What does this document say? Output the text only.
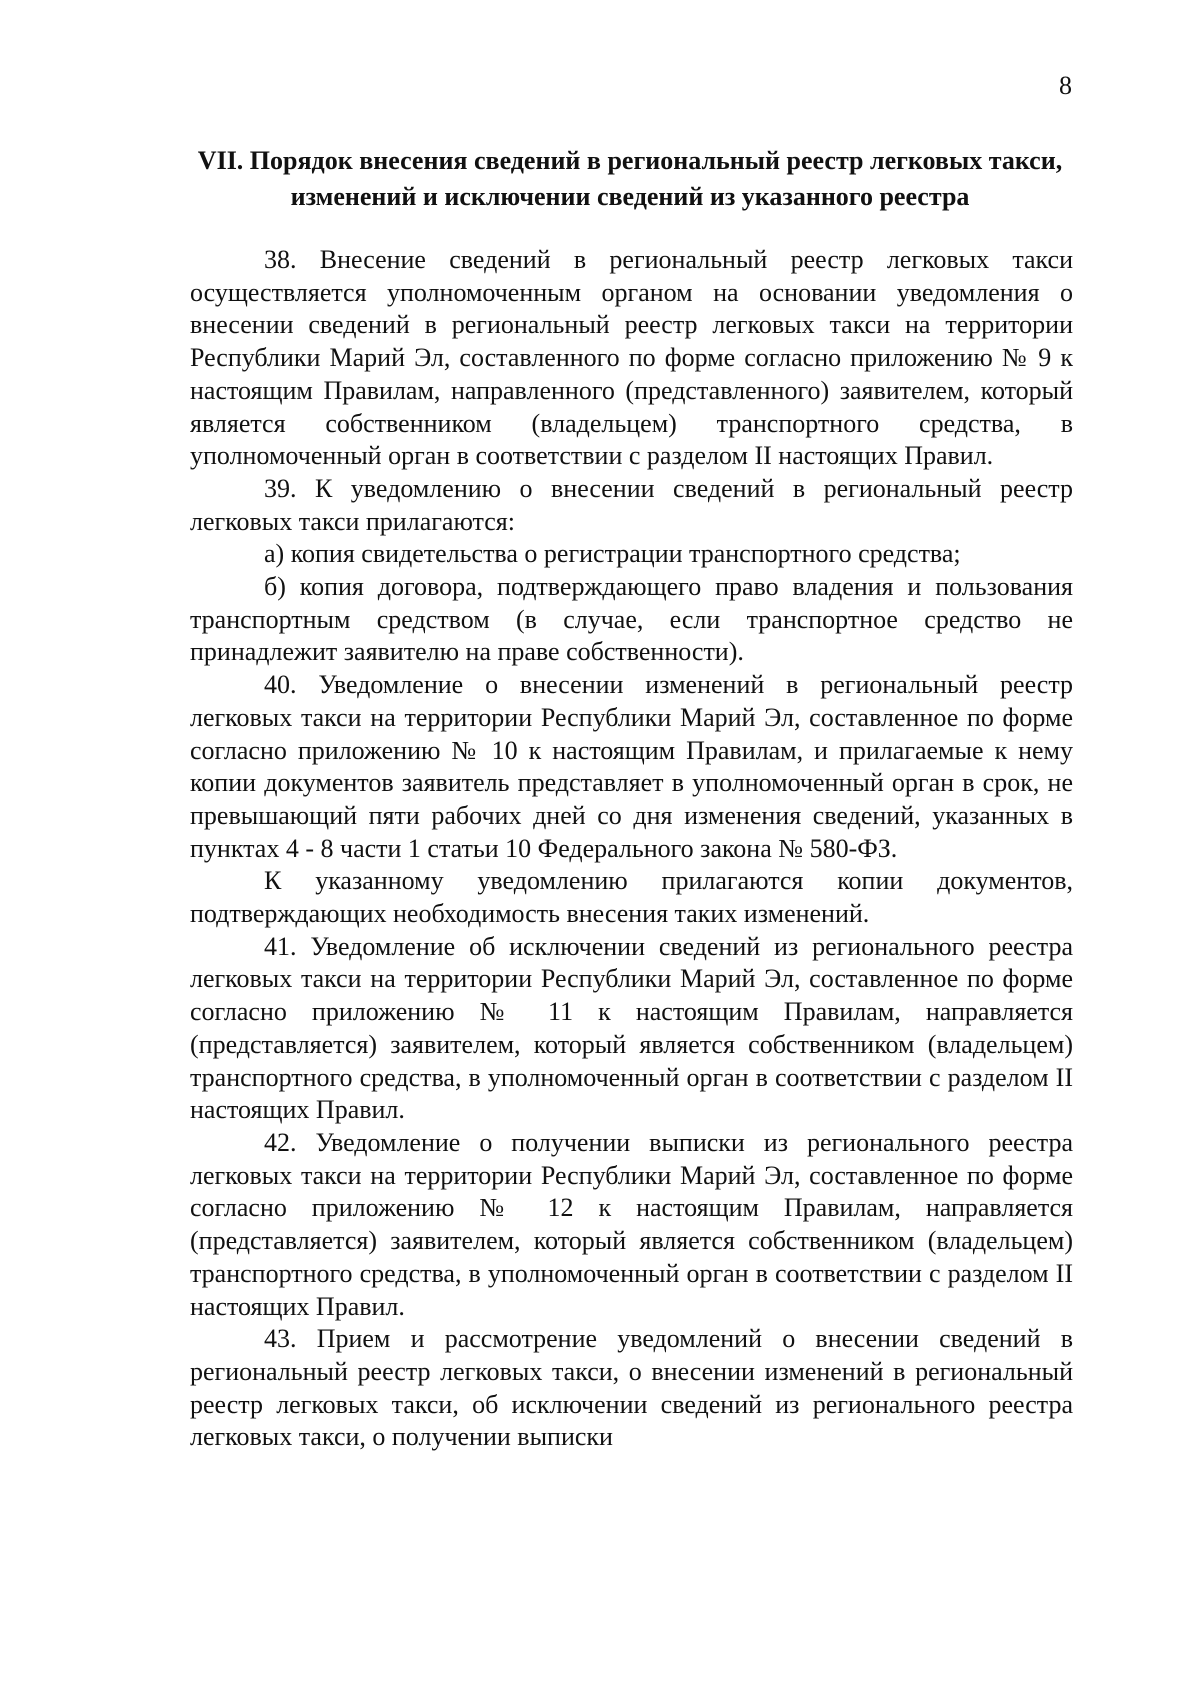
8
VII. Порядок внесения сведений в региональный реестр легковых такси, изменений и исключении сведений из указанного реестра

38. Внесение сведений в региональный реестр легковых такси осуществляется уполномоченным органом на основании уведомления о внесении сведений в региональный реестр легковых такси на территории Республики Марий Эл, составленного по форме согласно приложению № 9 к настоящим Правилам, направленного (представленного) заявителем, который является собственником (владельцем) транспортного средства, в уполномоченный орган в соответствии с разделом II настоящих Правил.

39. К уведомлению о внесении сведений в региональный реестр легковых такси прилагаются:

а) копия свидетельства о регистрации транспортного средства;

б) копия договора, подтверждающего право владения и пользования транспортным средством (в случае, если транспортное средство не принадлежит заявителю на праве собственности).

40. Уведомление о внесении изменений в региональный реестр легковых такси на территории Республики Марий Эл, составленное по форме согласно приложению № 10 к настоящим Правилам, и прилагаемые к нему копии документов заявитель представляет в уполномоченный орган в срок, не превышающий пяти рабочих дней со дня изменения сведений, указанных в пунктах 4 - 8 части 1 статьи 10 Федерального закона № 580-ФЗ.

К указанному уведомлению прилагаются копии документов, подтверждающих необходимость внесения таких изменений.

41. Уведомление об исключении сведений из регионального реестра легковых такси на территории Республики Марий Эл, составленное по форме согласно приложению № 11 к настоящим Правилам, направляется (представляется) заявителем, который является собственником (владельцем) транспортного средства, в уполномоченный орган в соответствии с разделом II настоящих Правил.

42. Уведомление о получении выписки из регионального реестра легковых такси на территории Республики Марий Эл, составленное по форме согласно приложению № 12 к настоящим Правилам, направляется (представляется) заявителем, который является собственником (владельцем) транспортного средства, в уполномоченный орган в соответствии с разделом II настоящих Правил.

43. Прием и рассмотрение уведомлений о внесении сведений в региональный реестр легковых такси, о внесении изменений в региональный реестр легковых такси, об исключении сведений из регионального реестра легковых такси, о получении выписки
